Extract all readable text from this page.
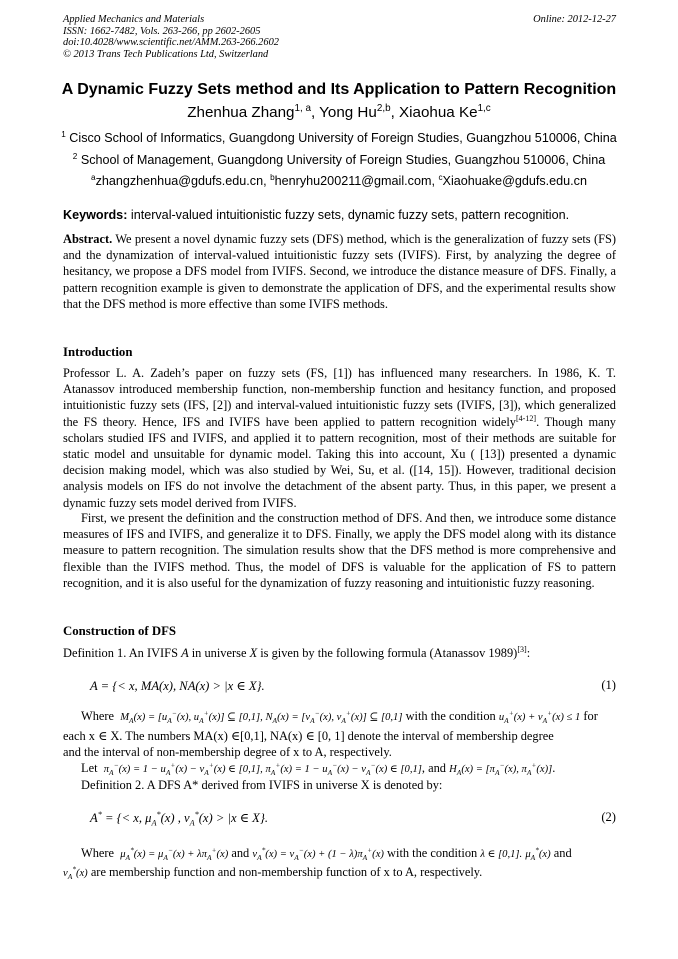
Applied Mechanics and Materials
ISSN: 1662-7482, Vols. 263-266, pp 2602-2605
doi:10.4028/www.scientific.net/AMM.263-266.2602
© 2013 Trans Tech Publications Ltd, Switzerland
Online: 2012-12-27
A Dynamic Fuzzy Sets method and Its Application to Pattern Recognition
Zhenhua Zhang$^{1, a}$, Yong Hu$^{2,b}$, Xiaohua Ke$^{1,c}$
$^1$ Cisco School of Informatics, Guangdong University of Foreign Studies, Guangzhou 510006, China
$^2$ School of Management, Guangdong University of Foreign Studies, Guangzhou 510006, China
$^a$zhangzhenhua@gdufs.edu.cn, $^b$henryhu200211@gmail.com, $^c$Xiaohuake@gdufs.edu.cn
Keywords: interval-valued intuitionistic fuzzy sets, dynamic fuzzy sets, pattern recognition.
Abstract. We present a novel dynamic fuzzy sets (DFS) method, which is the generalization of fuzzy sets (FS) and the dynamization of interval-valued intuitionistic fuzzy sets (IVIFS). First, by analyzing the degree of hesitancy, we propose a DFS model from IVIFS. Second, we introduce the distance measure of DFS. Finally, a pattern recognition example is given to demonstrate the application of DFS, and the experimental results show that the DFS method is more effective than some IVIFS methods.
Introduction
Professor L. A. Zadeh’s paper on fuzzy sets (FS, [1]) has influenced many researchers. In 1986, K. T. Atanassov introduced membership function, non-membership function and hesitancy function, and proposed intuitionistic fuzzy sets (IFS, [2]) and interval-valued intuitionistic fuzzy sets (IVIFS, [3]), which generalized the FS theory. Hence, IFS and IVIFS have been applied to pattern recognition widely[4-12]. Though many scholars studied IFS and IVIFS, and applied it to pattern recognition, most of their methods are suitable for static model and unsuitable for dynamic model. Taking this into account, Xu ( [13]) presented a dynamic decision making model, which was also studied by Wei, Su, et al. ([14, 15]). However, traditional decision analysis models on IFS do not involve the detachment of the absent party. Thus, in this paper, we present a dynamic fuzzy sets model derived from IVIFS.
First, we present the definition and the construction method of DFS. And then, we introduce some distance measures of IFS and IVIFS, and generalize it to DFS. Finally, we apply the DFS model along with its distance measure to pattern recognition. The simulation results show that the DFS method is more comprehensive and flexible than the IVIFS method. Thus, the model of DFS is valuable for the application of FS to pattern recognition, and it is also useful for the dynamization of fuzzy reasoning and intuitionistic fuzzy reasoning.
Construction of DFS
Definition 1. An IVIFS A in universe X is given by the following formula (Atanassov 1989)[3]:
A = {< x, MA(x), NA(x) > |x ∈ X}.	(1)
Where $M_A(x) = [u_A^-(x)$, $u_A^+(x)$] ⊆ [0,1], $N_A(x) = [v_A^-(x)$, $v_A^+(x)$] ⊆ [0,1] with the condition $u_A^+(x) + v_A^+(x) \le 1$ for
each x ∈ X. The numbers MA(x) ∈[0,1], NA(x) ∈ [0, 1] denote the interval of membership degree
and the interval of non-membership degree of x to A, respectively.
Let $\pi_A^-(x) = 1 - u_A^+(x) - v_A^+(x)$ ∈ [0,1], $\pi_A^+(x) = 1 - u_A^-(x) - v_A^-(x)$ ∈ [0,1], and $H_A(x) = [\pi_A^-(x)$, $\pi_A^+(x)$].
Definition 2. A DFS A* derived from IVIFS in universe X is denoted by:
A* = {< x, $\mu_A^*(x)$ , $v_A^*(x) > |x$ ∈ X}.	(2)
Where $\mu_A^*(x) = \mu_A^-(x) + \lambda\pi_A^+(x)$ and $v_A^*(x) = v_A^-(x) + (1 - \lambda)\pi_A^+(x)$ with the condition λ ∈ [0,1]. $\mu_A^*(x)$ and
$v_A^*(x)$ are membership function and non-membership function of x to A, respectively.
